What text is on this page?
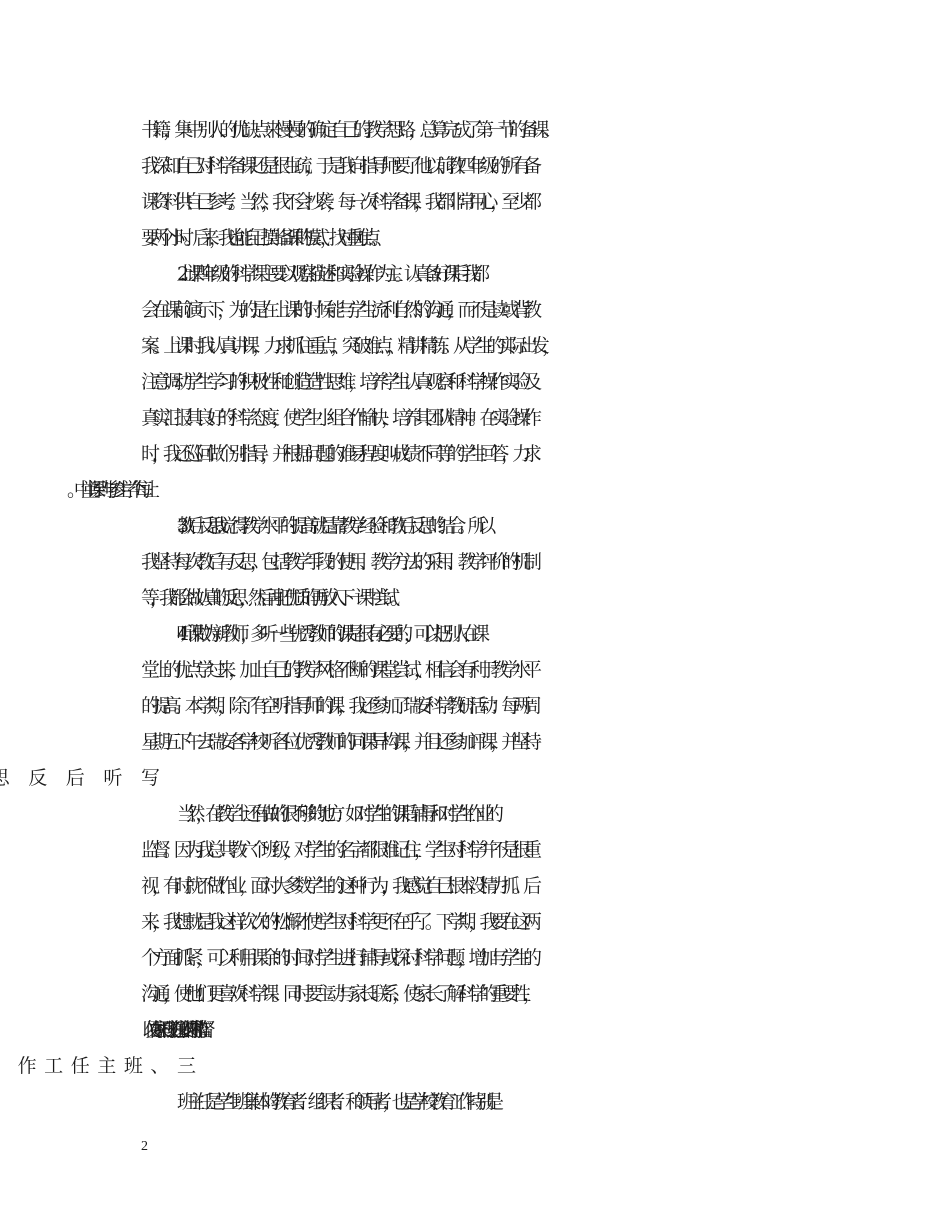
书籍，集中别人的优缺点来慢慢的确定自己的教学思路，总算完成了第一节的备课。
我深知自己对科学备课还是很生疏，于是我向指导师要了他以前教四年级的所有备
课资料供自己参考。当然，我不会抄袭，每一次科学备课，我都非常用心，至少都
要两个小时。后来，我也能自己摸出备课的模式，找对重难点。
2.上课 四年级的科学课主要以观察描述和实验操作为主。认真备好课后我都
会在课前演示下，为的是在上课的时候能与学生流利自然的沟通，而不是读或背教
案。上课时我认真讲课，力求抓住重点，突破难点，精讲精练。从学生的实际出发，
注意调动学生学习的积极性和创造造性思维，培养学生认真观察和科学操作实验及
真实汇报其良好的科学态度，使学生小组合作愉快，培养其团队精神。在实验操作
时，我还巡回做个别指导，并根据问题的难易程度叫成绩不同等的学生回答，力求
3.教后反思. 我觉得教学水平的提高就是靠教学经验和教后反思的结合。所以
我坚持每次教后写反思，包括教学手段的使用、教学方法的采用、教学评价的机制
等，我都会做认真的反思，然后再把优质的再放入下一课中尝试。
4.听课 做为新教师，多听一些优秀教师的课是很有必要的，可以把别人在课
堂上的优点学过来，加上自己的教学风格不断的课堂尝试，相信会有利于教学水平
的提高。本学期，除了有空听指导师的课，我还参加了瑞安科学教研活动：每两周
星期五下午去瑞安各学校听各位优秀教师的同课异构课，并且还参加评课，并坚持
当然，在教学上还有做的很不够的地方：如对学生的课后辅导和对学生作业的
监督。因为我总共教六个班级，对学生的名字都很难记住，学生对科学并不是很重
视，有时就不做作业，面对大多数学生的这种行为，我感觉自己根本没精力抓。后
来，我想就是我这样次次的松懈才使学生对科学更不在乎了。下学期，我要在这两
个方面抓紧，可以利用课余的时间对学生进行辅导或探讨科学问题，增加与学生的
沟通，使他们更喜欢科学课。同时要主动与家长联系，使家长了解科学的重要性，
以便在家里对孩子进行必要的辅导和监督。
班主任是学生班集体的教育者、组织者、和领导者，也是学校教育工作特别是
2
